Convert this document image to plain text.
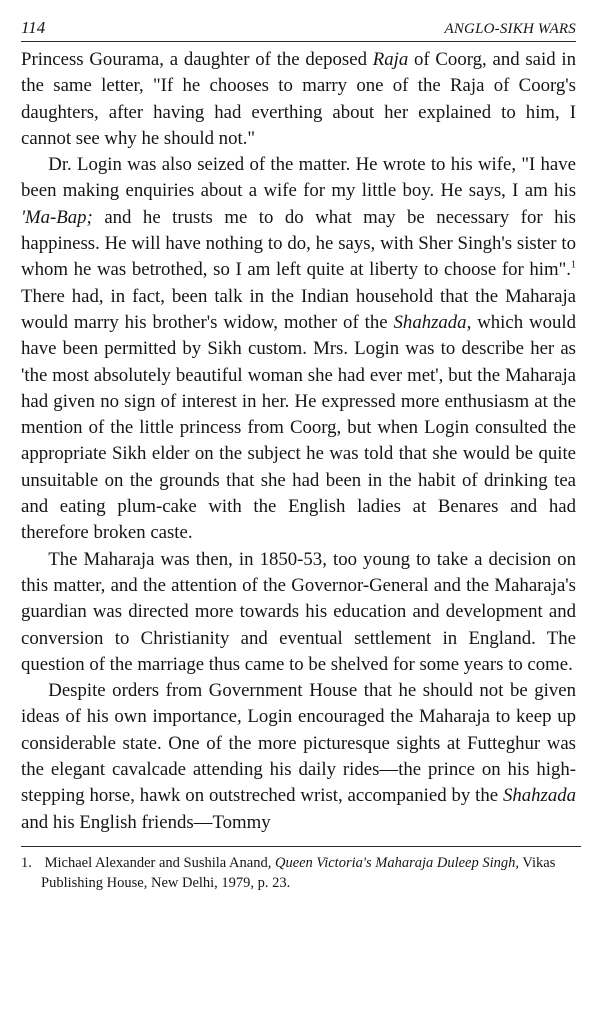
114	ANGLO-SIKH WARS

Princess Gourama, a daughter of the deposed Raja of Coorg, and said in the same letter, "If he chooses to marry one of the Raja of Coorg's daughters, after having had everthing about her explained to him, I cannot see why he should not."

Dr. Login was also seized of the matter. He wrote to his wife, "I have been making enquiries about a wife for my little boy. He says, I am his 'Ma-Bap; and he trusts me to do what may be necessary for his happiness. He will have nothing to do, he says, with Sher Singh's sister to whom he was betrothed, so I am left quite at liberty to choose for him".$^1$ There had, in fact, been talk in the Indian household that the Maharaja would marry his brother's widow, mother of the Shahzada, which would have been permitted by Sikh custom. Mrs. Login was to describe her as 'the most absolutely beautiful woman she had ever met', but the Maharaja had given no sign of interest in her. He expressed more enthusiasm at the mention of the little princess from Coorg, but when Login consulted the appropriate Sikh elder on the subject he was told that she would be quite unsuitable on the grounds that she had been in the habit of drinking tea and eating plum-cake with the English ladies at Benares and had therefore broken caste.

The Maharaja was then, in 1850-53, too young to take a decision on this matter, and the attention of the Governor-General and the Maharaja's guardian was directed more towards his education and development and conversion to Christianity and eventual settlement in England. The question of the marriage thus came to be shelved for some years to come.

Despite orders from Government House that he should not be given ideas of his own importance, Login encouraged the Maharaja to keep up considerable state. One of the more picturesque sights at Futteghur was the elegant cavalcade attending his daily rides—the prince on his high-stepping horse, hawk on outstreched wrist, accompanied by the Shahzada and his English friends—Tommy

1. Michael Alexander and Sushila Anand, Queen Victoria's Maharaja Duleep Singh, Vikas Publishing House, New Delhi, 1979, p. 23.
